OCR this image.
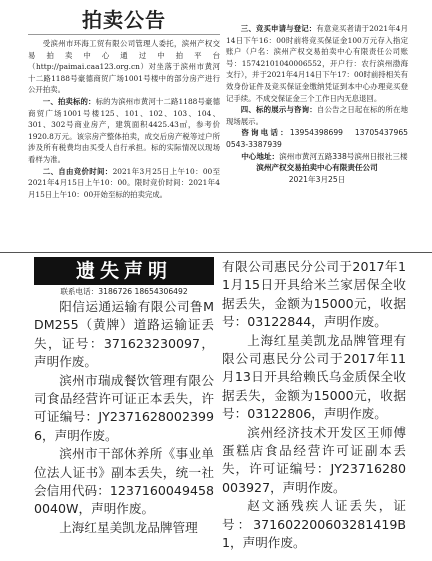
拍卖公告

受滨州市环海工贸有限公司管理人委托，滨州产权交易拍卖中心通过中拍平台（http://paimai.caa123.org.cn）对坐落于滨州市黄河十二路1188号豪德商贸广场1001号楼中的部分房产进行公开拍卖。

一、拍卖标的：标的为滨州市黄河十二路1188号豪德商贸广场1001号楼125、101、102、103、104、301、302号商业房产，建筑面积4425.43㎡，参考价1920.8万元。该宗房产整体拍卖，成交后房产税等过户所涉及所有税费均由买受人自行承担。标的实际情况以现场看样为准。

二、自由竞价时间：2021年3月25日上午10：00至2021年4月15日上午10：00。限时竞价时间：2021年4月15日上午10：00开始至标的拍卖完成。

三、竞买申请与登记：有意竞买者请于2021年4月14日下午16：00时前将竞买保证金100万元存入指定账户（户名：滨州产权交易拍卖中心有限责任公司账号：15742101040006552，开户行：农行滨州渤海支行），并于2021年4月14日下午17：00时前持相关有效身份证件及竞买保证金缴纳凭证到本中心办理竞买登记手续。不成交保证金三个工作日内无息退回。

四、标的展示与咨询：自公告之日起在标的所在地现场展示。

咨询电话：13954398699　13705437965　0543-3387939

中心地址：滨州市黄河五路338号滨州日报社三楼

滨州产权交易拍卖中心有限责任公司

2021年3月25日

遗失声明
联系电话：3186726 18654306492

阳信运通运输有限公司鲁MDM255（黄牌）道路运输证丢失，证号：371623230097，声明作废。

滨州市瑞成餐饮管理有限公司食品经营许可证正本丢失，许可证编号：JY23716280023996，声明作废。

滨州市干部休养所《事业单位法人证书》副本丢失，统一社会信用代码：12371600494580040W，声明作废。

上海红星美凯龙品牌管理

有限公司惠民分公司于2017年11月15日开具给米兰家居保全收据丢失，金额为15000元，收据号：03122844，声明作废。

上海红星美凯龙品牌管理有限公司惠民分公司于2017年11月13日开具给赖氏乌金质保全收据丢失，金额为15000元，收据号：03122806，声明作废。

滨州经济技术开发区王师傅蛋糕店食品经营许可证副本丢失，许可证编号：JY23716280003927，声明作废。

赵文涵残疾人证丢失，证号：371602200603281419B1，声明作废。
